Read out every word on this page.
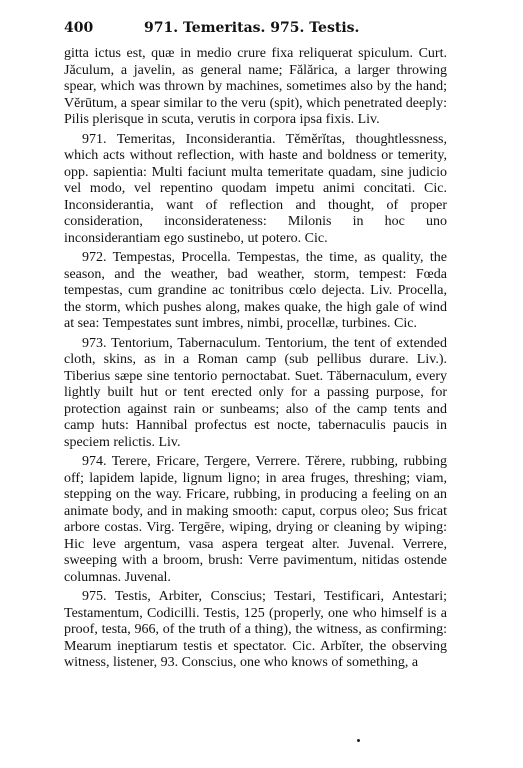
400	971. Temeritas. 975. Testis.

gitta ictus est, quæ in medio crure fixa reliquerat spiculum. Curt. Jăculum, a javelin, as general name; Fălărica, a larger throwing spear, which was thrown by machines, sometimes also by the hand; Vĕrūtum, a spear similar to the veru (spit), which penetrated deeply: Pilis plerisque in scuta, verutis in corpora ipsa fixis. Liv.

971. Temeritas, Inconsiderantia. Tĕmĕrĭtas, thoughtlessness, which acts without reflection, with haste and boldness or temerity, opp. sapientia: Multi faciunt multa temeritate quadam, sine judicio vel modo, vel repentino quodam impetu animi concitati. Cic. Inconsiderantia, want of reflection and thought, of proper consideration, inconsiderateness: Milonis in hoc uno inconsiderantiam ego sustinebo, ut potero. Cic.

972. Tempestas, Procella. Tempestas, the time, as quality, the season, and the weather, bad weather, storm, tempest: Fœda tempestas, cum grandine ac tonitribus cœlo dejecta. Liv. Procella, the storm, which pushes along, makes quake, the high gale of wind at sea: Tempestates sunt imbres, nimbi, procellæ, turbines. Cic.

973. Tentorium, Tabernaculum. Tentorium, the tent of extended cloth, skins, as in a Roman camp (sub pellibus durare. Liv.). Tiberius sæpe sine tentorio pernoctabat. Suet. Tăbernaculum, every lightly built hut or tent erected only for a passing purpose, for protection against rain or sunbeams; also of the camp tents and camp huts: Hannibal profectus est nocte, tabernaculis paucis in speciem relictis. Liv.

974. Terere, Fricare, Tergere, Verrere. Tĕrere, rubbing, rubbing off; lapidem lapide, lignum ligno; in area fruges, threshing; viam, stepping on the way. Fricare, rubbing, in producing a feeling on an animate body, and in making smooth: caput, corpus oleo; Sus fricat arbore costas. Virg. Tergēre, wiping, drying or cleaning by wiping: Hic leve argentum, vasa aspera tergeat alter. Juvenal. Verrere, sweeping with a broom, brush: Verre pavimentum, nitidas ostende columnas. Juvenal.

975. Testis, Arbiter, Conscius; Testari, Testificari, Antestari; Testamentum, Codicilli. Testis, 125 (properly, one who himself is a proof, testa, 966, of the truth of a thing), the witness, as confirming: Mearum ineptiarum testis et spectator. Cic. Arbĭter, the observing witness, listener, 93. Conscius, one who knows of something, a
